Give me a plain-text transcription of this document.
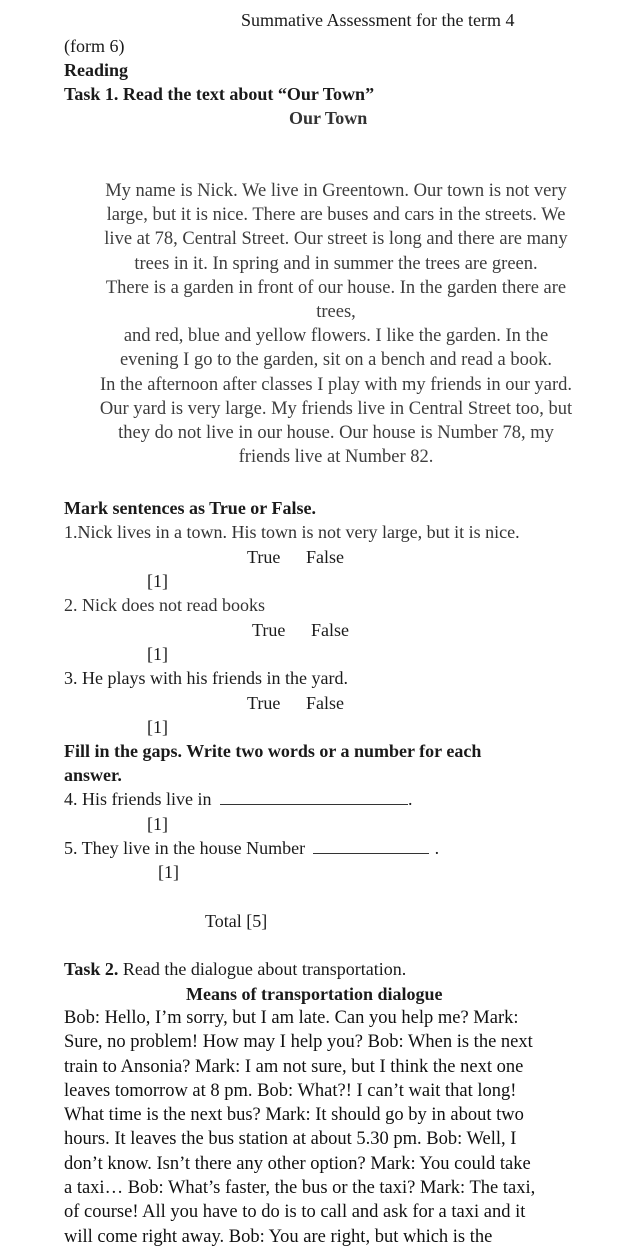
Summative Assessment for the term 4
(form 6)
Reading
Task 1. Read the text about “Our Town”
Our Town
My name is Nick. We live in Greentown. Our town is not very
large, but it is nice. There are buses and cars in the streets. We
live at 78, Central Street. Our street is long and there are many
trees in it. In spring and in summer the trees are green.
There is a garden in front of our house. In the garden there are
trees,
and red, blue and yellow flowers. I like the garden. In the
evening I go to the garden, sit on a bench and read a book.
In the afternoon after classes I play with my friends in our yard.
Our yard is very large. My friends live in Central Street too, but
they do not live in our house. Our house is Number 78, my
friends live at Number 82.
Mark sentences as True or False.
1.Nick lives in a town. His town is not very large, but it is nice.
True False
[1]
2. Nick does not read books
True False
[1]
3. He plays with his friends in the yard.
True False
[1]
Fill in the gaps. Write two words or a number for each
answer.
4. His friends live in	.
[1]
5. They live in the house Number	.
[1]
Total [5]
Task 2. Read the dialogue about transportation.
Means of transportation dialogue
Bob: Hello, I’m sorry, but I am late. Can you help me? Mark:
Sure, no problem! How may I help you? Bob: When is the next
train to Ansonia? Mark: I am not sure, but I think the next one
leaves tomorrow at 8 pm. Bob: What?! I can’t wait that long!
What time is the next bus? Mark: It should go by in about two
hours. It leaves the bus station at about 5.30 pm. Bob: Well, I
don’t know. Isn’t there any other option? Mark: You could take
a taxi… Bob: What’s faster, the bus or the taxi? Mark: The taxi,
of course! All you have to do is to call and ask for a taxi and it
will come right away. Bob: You are right, but which is the
